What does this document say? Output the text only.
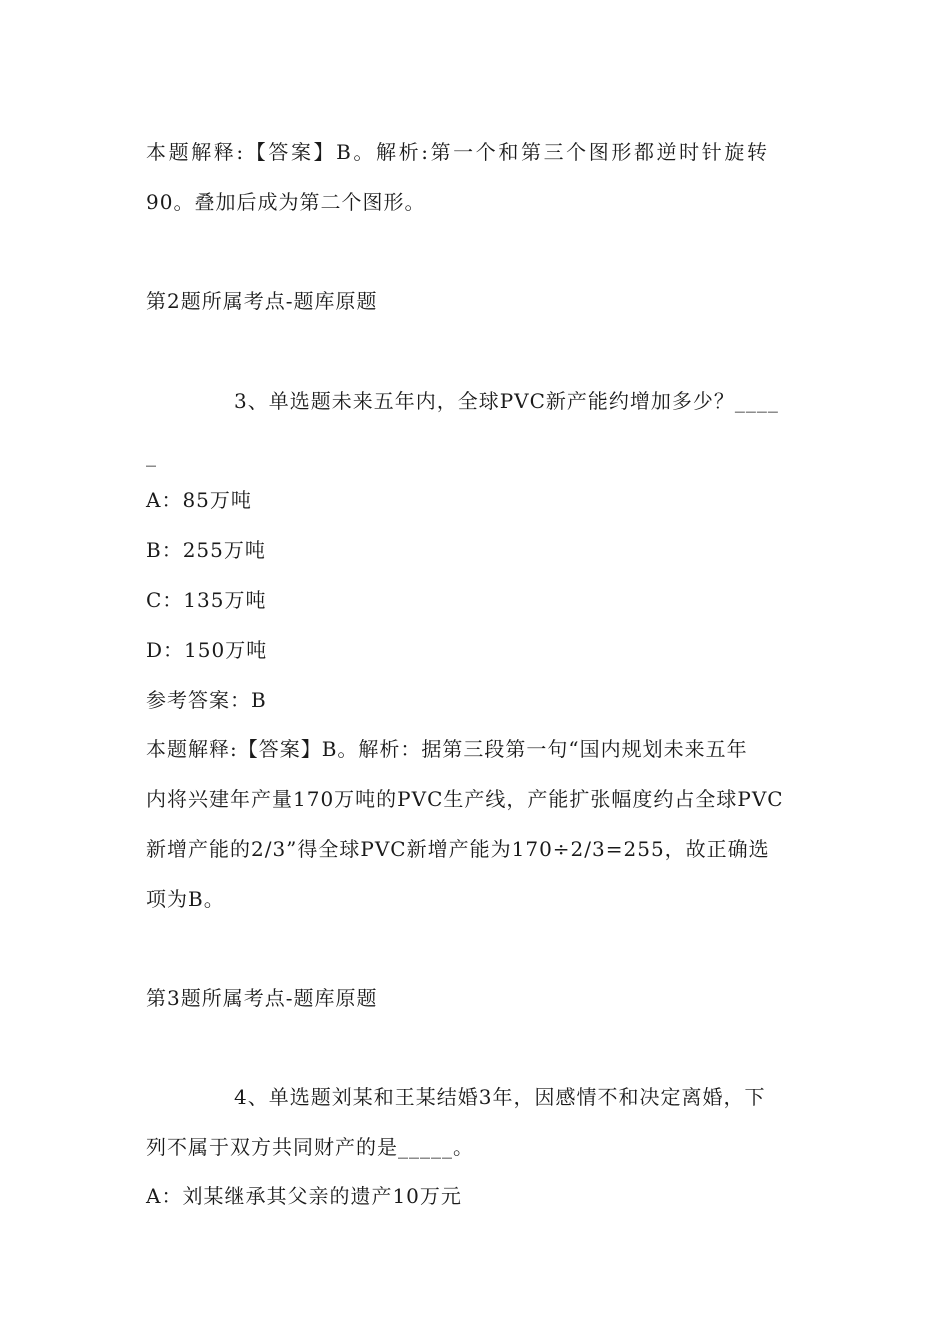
本题解释:【答案】B。解析:第一个和第三个图形都逆时针旋转
90。叠加后成为第二个图形。
第2题所属考点-题库原题
3、单选题未来五年内，全球PVC新产能约增加多少？____
_
A：85万吨
B：255万吨
C：135万吨
D：150万吨
参考答案：B
本题解释:【答案】B。解析：据第三段第一句“国内规划未来五年
内将兴建年产量170万吨的PVC生产线，产能扩张幅度约占全球PVC
新增产能的2/3”得全球PVC新增产能为170÷2/3=255，故正确选
项为B。
第3题所属考点-题库原题
4、单选题刘某和王某结婚3年，因感情不和决定离婚，下
列不属于双方共同财产的是_____。
A：刘某继承其父亲的遗产10万元
